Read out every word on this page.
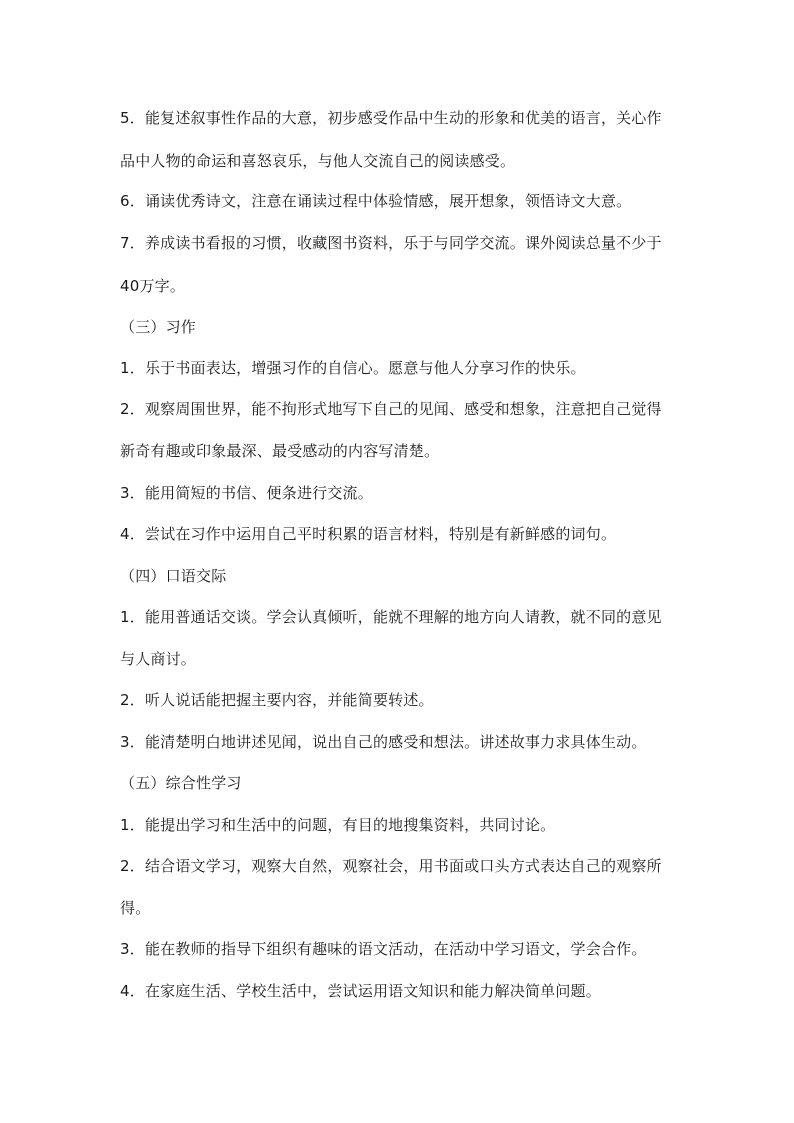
5．能复述叙事性作品的大意，初步感受作品中生动的形象和优美的语言，关心作
品中人物的命运和喜怒哀乐，与他人交流自己的阅读感受。
6．诵读优秀诗文，注意在诵读过程中体验情感，展开想象，领悟诗文大意。
7．养成读书看报的习惯，收藏图书资料，乐于与同学交流。课外阅读总量不少于
40万字。
（三）习作
1．乐于书面表达，增强习作的自信心。愿意与他人分享习作的快乐。
2．观察周围世界，能不拘形式地写下自己的见闻、感受和想象，注意把自己觉得
新奇有趣或印象最深、最受感动的内容写清楚。
3．能用简短的书信、便条进行交流。
4．尝试在习作中运用自己平时积累的语言材料，特别是有新鲜感的词句。
（四）口语交际
1．能用普通话交谈。学会认真倾听，能就不理解的地方向人请教，就不同的意见
与人商讨。
2．听人说话能把握主要内容，并能简要转述。
3．能清楚明白地讲述见闻，说出自己的感受和想法。讲述故事力求具体生动。
（五）综合性学习
1．能提出学习和生活中的问题，有目的地搜集资料，共同讨论。
2．结合语文学习，观察大自然，观察社会，用书面或口头方式表达自己的观察所
得。
3．能在教师的指导下组织有趣味的语文活动，在活动中学习语文，学会合作。
4．在家庭生活、学校生活中，尝试运用语文知识和能力解决简单问题。
